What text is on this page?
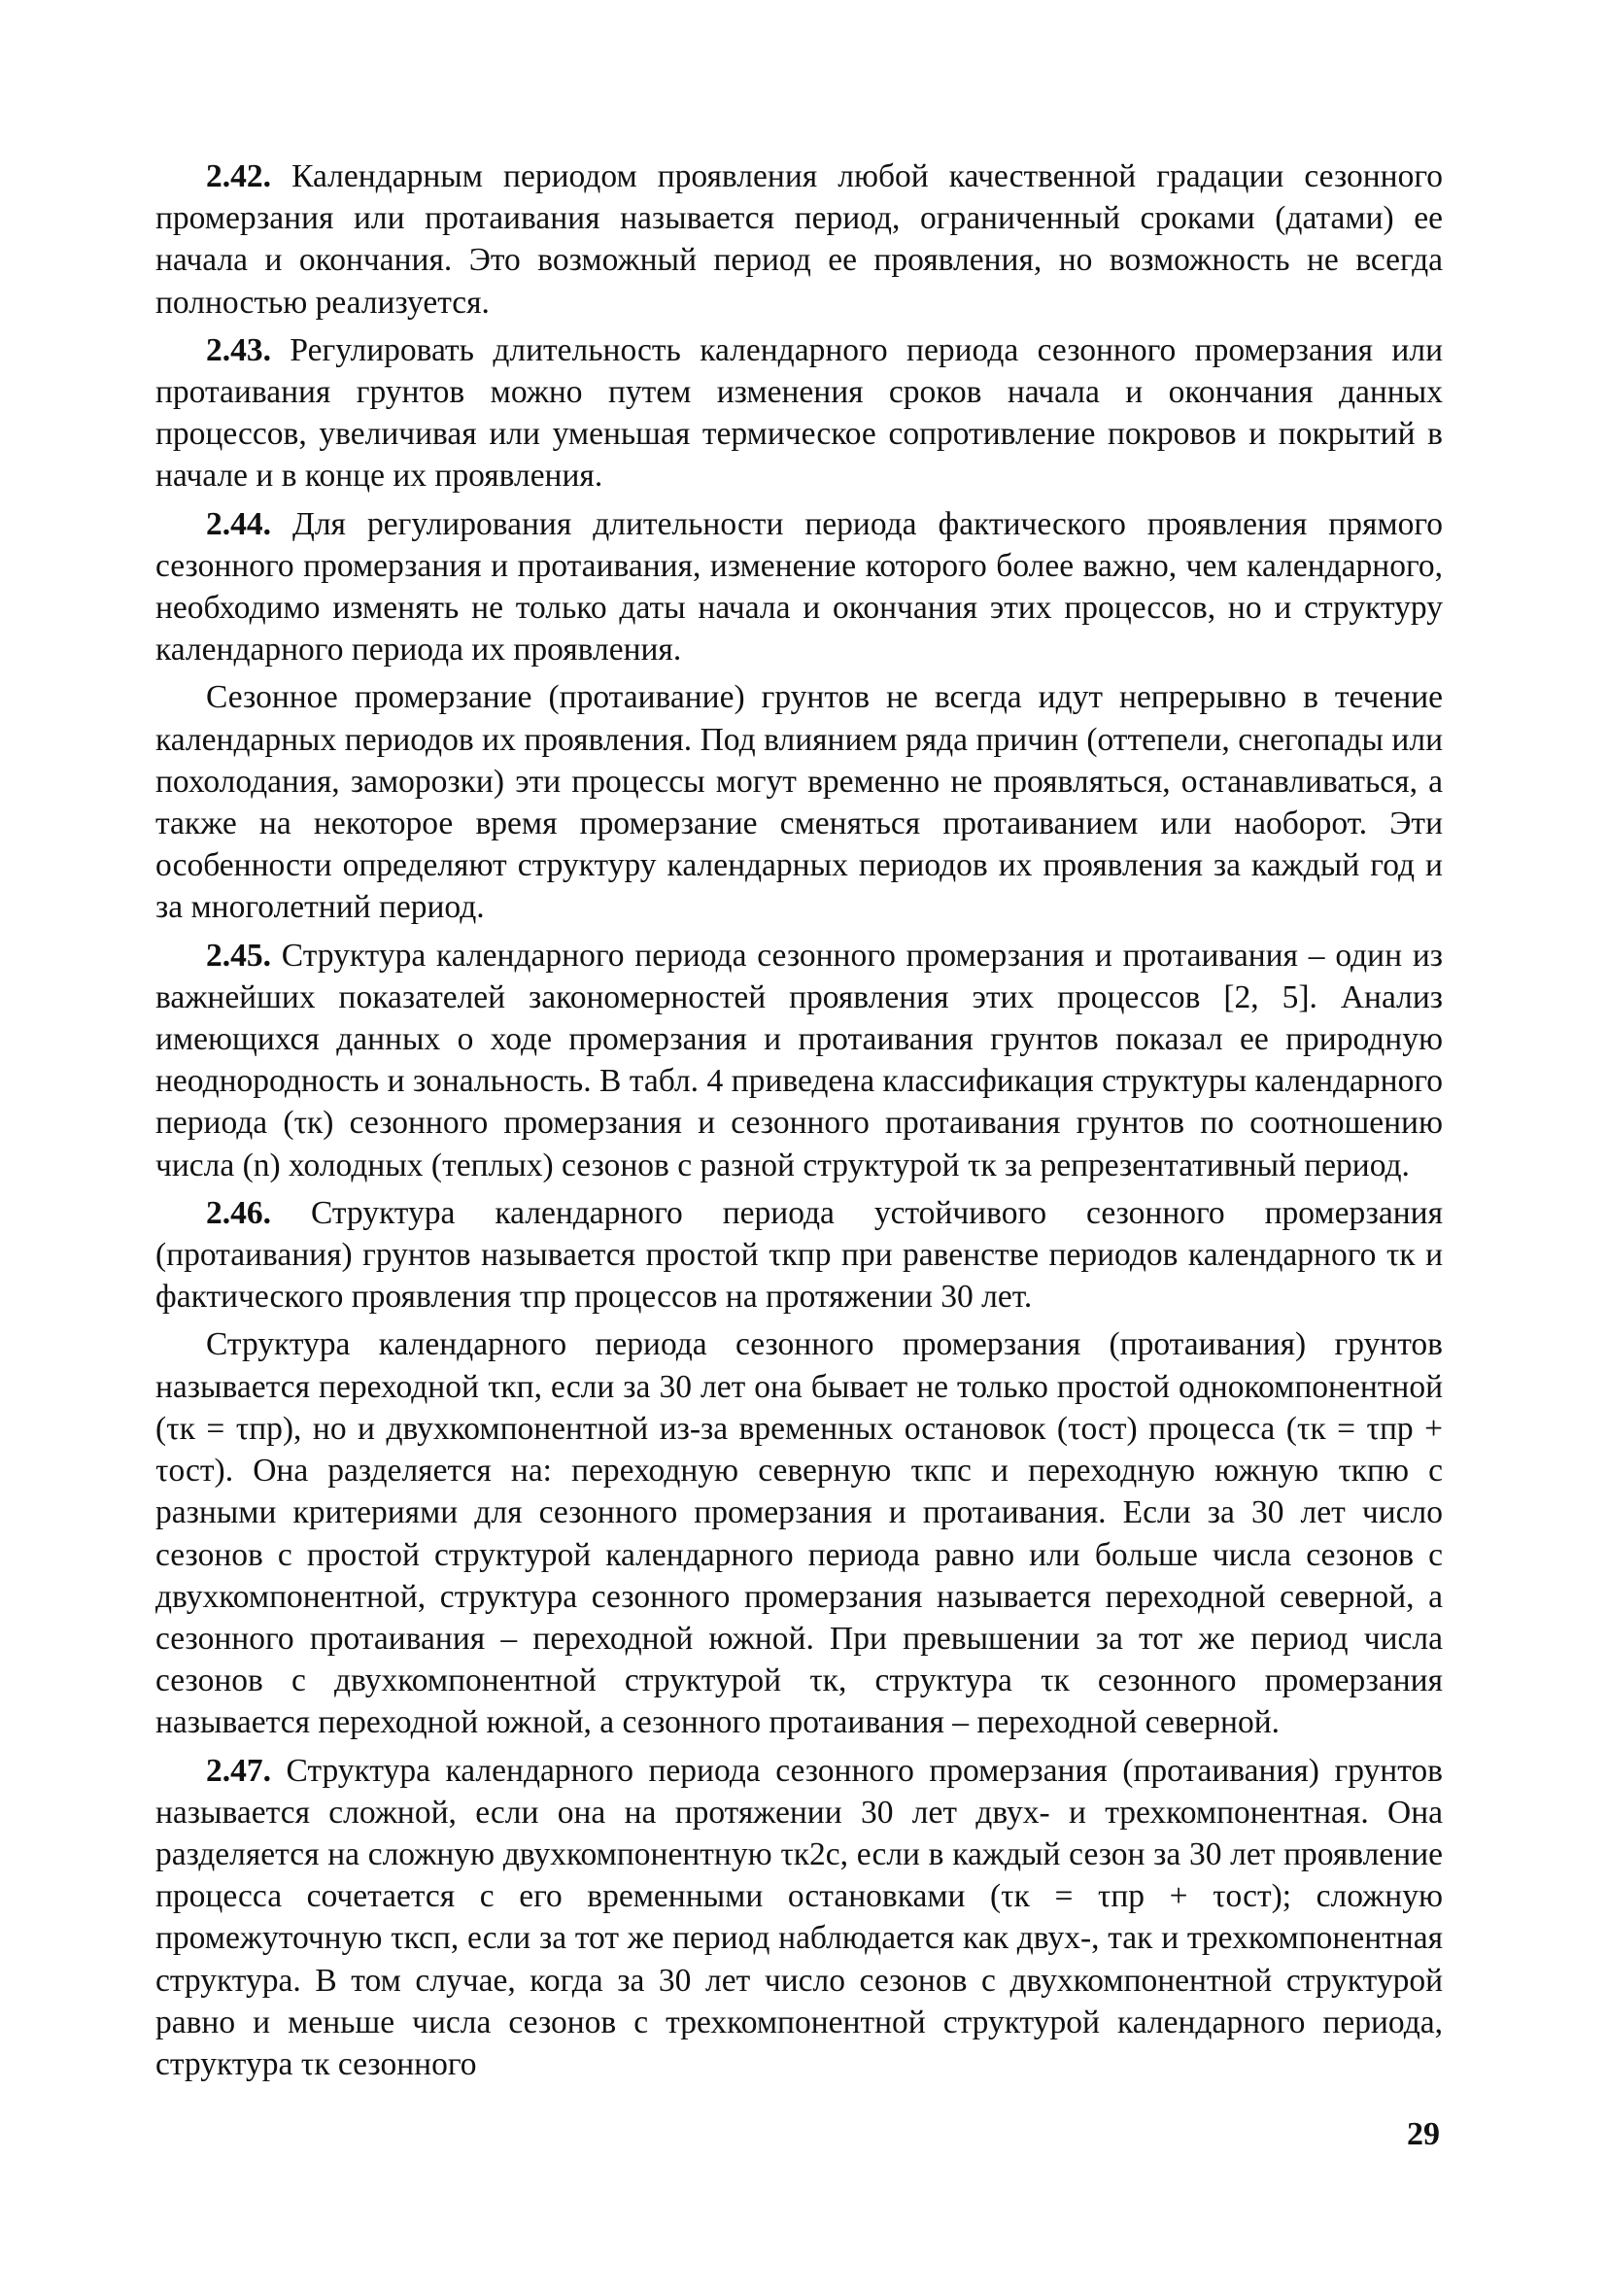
2.42. Календарным периодом проявления любой качественной градации сезонного промерзания или протаивания называется период, ограниченный сроками (датами) ее начала и окончания. Это возможный период ее проявления, но возможность не всегда полностью реализуется.

2.43. Регулировать длительность календарного периода сезонного промерзания или протаивания грунтов можно путем изменения сроков начала и окончания данных процессов, увеличивая или уменьшая термическое сопротивление покровов и покрытий в начале и в конце их проявления.

2.44. Для регулирования длительности периода фактического проявления прямого сезонного промерзания и протаивания, изменение которого более важно, чем календарного, необходимо изменять не только даты начала и окончания этих процессов, но и структуру календарного периода их проявления.

Сезонное промерзание (протаивание) грунтов не всегда идут непрерывно в течение календарных периодов их проявления. Под влиянием ряда причин (оттепели, снегопады или похолодания, заморозки) эти процессы могут временно не проявляться, останавливаться, а также на некоторое время промерзание сменяться протаиванием или наоборот. Эти особенности определяют структуру календарных периодов их проявления за каждый год и за многолетний период.

2.45. Структура календарного периода сезонного промерзания и протаивания – один из важнейших показателей закономерностей проявления этих процессов [2, 5]. Анализ имеющихся данных о ходе промерзания и протаивания грунтов показал ее природную неоднородность и зональность. В табл. 4 приведена классификация структуры календарного периода (τк) сезонного промерзания и сезонного протаивания грунтов по соотношению числа (n) холодных (теплых) сезонов с разной структурой τк за репрезентативный период.

2.46. Структура календарного периода устойчивого сезонного промерзания (протаивания) грунтов называется простой τкпр при равенстве периодов календарного τк и фактического проявления τпр процессов на протяжении 30 лет.

Структура календарного периода сезонного промерзания (протаивания) грунтов называется переходной τкп, если за 30 лет она бывает не только простой однокомпонентной (τк = τпр), но и двухкомпонентной из-за временных остановок (τост) процесса (τк = τпр + τост). Она разделяется на: переходную северную τкпс и переходную южную τкпю с разными критериями для сезонного промерзания и протаивания. Если за 30 лет число сезонов с простой структурой календарного периода равно или больше числа сезонов с двухкомпонентной, структура сезонного промерзания называется переходной северной, а сезонного протаивания – переходной южной. При превышении за тот же период числа сезонов с двухкомпонентной структурой τк, структура τк сезонного промерзания называется переходной южной, а сезонного протаивания – переходной северной.

2.47. Структура календарного периода сезонного промерзания (протаивания) грунтов называется сложной, если она на протяжении 30 лет двух- и трехкомпонентная. Она разделяется на сложную двухкомпонентную τк2с, если в каждый сезон за 30 лет проявление процесса сочетается с его временными остановками (τк = τпр + τост); сложную промежуточную τксп, если за тот же период наблюдается как двух-, так и трехкомпонентная структура. В том случае, когда за 30 лет число сезонов с двухкомпонентной структурой равно и меньше числа сезонов с трехкомпонентной структурой календарного периода, структура τк сезонного

29
